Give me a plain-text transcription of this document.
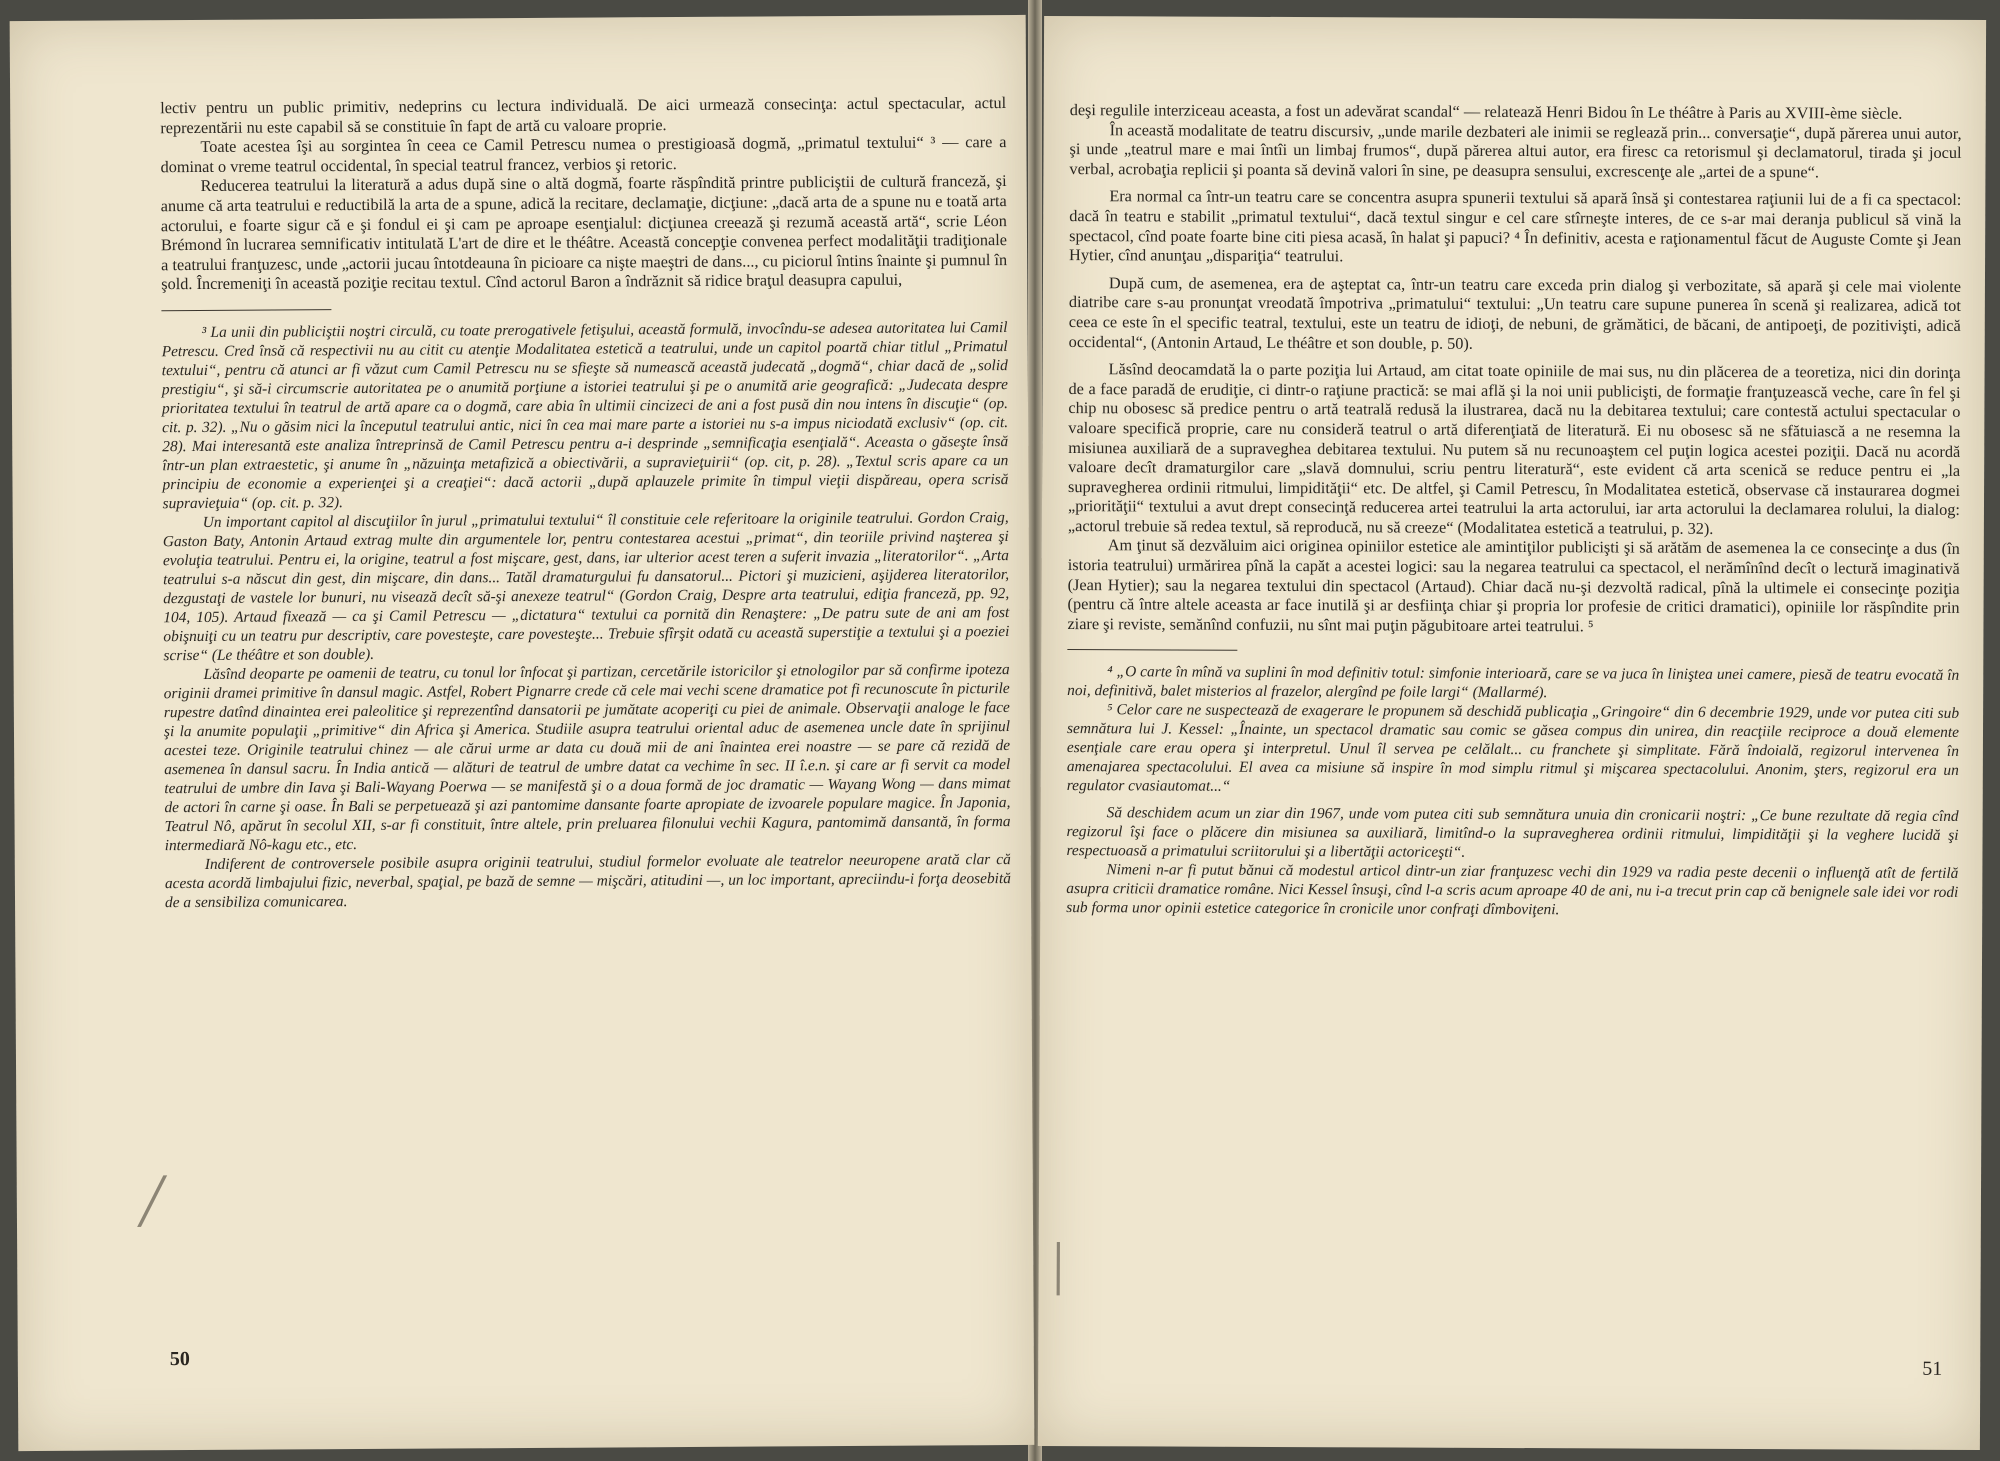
lectiv pentru un public primitiv, nedeprins cu lectura individuală. De aici urmează consecinţa: actul spectacular, actul reprezentării nu este capabil să se constituie în fapt de artă cu valoare proprie.

Toate acestea îşi au sorgintea în ceea ce Camil Petrescu numea o prestigioasă dogmă, „primatul textului“ ³ — care a dominat o vreme teatrul occidental, în special teatrul francez, verbios şi retoric.

Reducerea teatrului la literatură a adus după sine o altă dogmă, foarte răspîndită printre publiciştii de cultură franceză, şi anume că arta teatrului e reductibilă la arta de a spune, adică la recitare, declamaţie, dicţiune: „dacă arta de a spune nu e toată arta actorului, e foarte sigur că e şi fondul ei şi cam pe aproape esenţialul: dicţiunea creează şi rezumă această artă“, scrie Léon Brémond în lucrarea semnificativ intitulată L'art de dire et le théâtre. Această concepţie convenea perfect modalităţii tradiţionale a teatrului franţuzesc, unde „actorii jucau întotdeauna în picioare ca nişte maeştri de dans..., cu piciorul întins înainte şi pumnul în şold. Încremeniţi în această poziţie recitau textul. Cînd actorul Baron a îndrăznit să ridice braţul deasupra capului,

³ La unii din publiciştii noştri circulă, cu toate prerogativele fetişului, această formulă, invocîndu-se adesea autoritatea lui Camil Petrescu. Cred însă că respectivii nu au citit cu atenţie Modalitatea estetică a teatrului, unde un capitol poartă chiar titlul „Primatul textului“, pentru că atunci ar fi văzut cum Camil Petrescu nu se sfieşte să numească această judecată „dogmă“, chiar dacă de „solid prestigiu“, şi să-i circumscrie autoritatea pe o anumită porţiune a istoriei teatrului şi pe o anumită arie geografică: „Judecata despre prioritatea textului în teatrul de artă apare ca o dogmă, care abia în ultimii cincizeci de ani a fost pusă din nou intens în discuţie“ (op. cit. p. 32). „Nu o găsim nici la începutul teatrului antic, nici în cea mai mare parte a istoriei nu s-a impus niciodată exclusiv“ (op. cit. 28). Mai interesantă este analiza întreprinsă de Camil Petrescu pentru a-i desprinde „semnificaţia esenţială“. Aceasta o găseşte însă într-un plan extraestetic, şi anume în „năzuinţa metafizică a obiectivării, a supravieţuirii“ (op. cit, p. 28). „Textul scris apare ca un principiu de economie a experienţei şi a creaţiei“: dacă actorii „după aplauzele primite în timpul vieţii dispăreau, opera scrisă supravieţuia“ (op. cit. p. 32).

Un important capitol al discuţiilor în jurul „primatului textului“ îl constituie cele referitoare la originile teatrului. Gordon Craig, Gaston Baty, Antonin Artaud extrag multe din argumentele lor, pentru contestarea acestui „primat“, din teoriile privind naşterea şi evoluţia teatrului. Pentru ei, la origine, teatrul a fost mişcare, gest, dans, iar ulterior acest teren a suferit invazia „literatorilor“. „Arta teatrului s-a născut din gest, din mişcare, din dans... Tatăl dramaturgului fu dansatorul... Pictori şi muzicieni, aşijderea literatorilor, dezgustaţi de vastele lor bunuri, nu visează decît să-şi anexeze teatrul“ (Gordon Craig, Despre arta teatrului, ediţia franceză, pp. 92, 104, 105). Artaud fixează — ca şi Camil Petrescu — „dictatura“ textului ca pornită din Renaştere: „De patru sute de ani am fost obişnuiţi cu un teatru pur descriptiv, care povesteşte, care povesteşte... Trebuie sfîrşit odată cu această superstiţie a textului şi a poeziei scrise“ (Le théâtre et son double).

Lăsînd deoparte pe oamenii de teatru, cu tonul lor înfocat şi partizan, cercetările istoricilor şi etnologilor par să confirme ipoteza originii dramei primitive în dansul magic. Astfel, Robert Pignarre crede că cele mai vechi scene dramatice pot fi recunoscute în picturile rupestre datînd dinaintea erei paleolitice şi reprezentînd dansatorii pe jumătate acoperiţi cu piei de animale. Observaţii analoge le face şi la anumite populaţii „primitive“ din Africa şi America. Studiile asupra teatrului oriental aduc de asemenea uncle date în sprijinul acestei teze. Originile teatrului chinez — ale cărui urme ar data cu două mii de ani înaintea erei noastre — se pare că rezidă de asemenea în dansul sacru. În India antică — alături de teatrul de umbre datat ca vechime în sec. II î.e.n. şi care ar fi servit ca model teatrului de umbre din Iava şi Bali-Wayang Poerwa — se manifestă şi o a doua formă de joc dramatic — Wayang Wong — dans mimat de actori în carne şi oase. În Bali se perpetuează şi azi pantomime dansante foarte apropiate de izvoarele populare magice. În Japonia, Teatrul Nô, apărut în secolul XII, s-ar fi constituit, între altele, prin preluarea filonului vechii Kagura, pantomimă dansantă, în forma intermediară Nô-kagu etc., etc.

Indiferent de controversele posibile asupra originii teatrului, studiul formelor evoluate ale teatrelor neeuropene arată clar că acesta acordă limbajului fizic, neverbal, spaţial, pe bază de semne — mişcări, atitudini —, un loc important, apreciindu-i forţa deosebită de a sensibiliza comunicarea.

╱
50

deşi regulile interziceau aceasta, a fost un adevărat scandal“ — relatează Henri Bidou în Le théâtre à Paris au XVIII-ème siècle.

În această modalitate de teatru discursiv, „unde marile dezbateri ale inimii se reglează prin... conversaţie“, după părerea unui autor, şi unde „teatrul mare e mai întîi un limbaj frumos“, după părerea altui autor, era firesc ca retorismul şi declamatorul, tirada şi jocul verbal, acrobaţia replicii şi poanta să devină valori în sine, pe deasupra sensului, excrescenţe ale „artei de a spune“.

Era normal ca într-un teatru care se concentra asupra spunerii textului să apară însă şi contestarea raţiunii lui de a fi ca spectacol: dacă în teatru e stabilit „primatul textului“, dacă textul singur e cel care stîrneşte interes, de ce s-ar mai deranja publicul să vină la spectacol, cînd poate foarte bine citi piesa acasă, în halat şi papuci? ⁴ În definitiv, acesta e raţionamentul făcut de Auguste Comte şi Jean Hytier, cînd anunţau „dispariţia“ teatrului.

După cum, de asemenea, era de aşteptat ca, într-un teatru care exceda prin dialog şi verbozitate, să apară şi cele mai violente diatribe care s-au pronunţat vreodată împotriva „primatului“ textului: „Un teatru care supune punerea în scenă şi realizarea, adică tot ceea ce este în el specific teatral, textului, este un teatru de idioţi, de nebuni, de grămătici, de băcani, de antipoeţi, de pozitivişti, adică occidental“, (Antonin Artaud, Le théâtre et son double, p. 50).

Lăsînd deocamdată la o parte poziţia lui Artaud, am citat toate opiniile de mai sus, nu din plăcerea de a teoretiza, nici din dorinţa de a face paradă de erudiţie, ci dintr-o raţiune practică: se mai află şi la noi unii publicişti, de formaţie franţuzească veche, care în fel şi chip nu obosesc să predice pentru o artă teatrală redusă la ilustrarea, dacă nu la debitarea textului; care contestă actului spectacular o valoare specifică proprie, care nu consideră teatrul o artă diferenţiată de literatură. Ei nu obosesc să ne sfătuiască a ne resemna la misiunea auxiliară de a supraveghea debitarea textului. Nu putem să nu recunoaştem cel puţin logica acestei poziţii. Dacă nu acordă valoare decît dramaturgilor care „slavă domnului, scriu pentru literatură“, este evident că arta scenică se reduce pentru ei „la supravegherea ordinii ritmului, limpidităţii“ etc. De altfel, şi Camil Petrescu, în Modalitatea estetică, observase că instaurarea dogmei „priorităţii“ textului a avut drept consecinţă reducerea artei teatrului la arta actorului, iar arta actorului la declamarea rolului, la dialog: „actorul trebuie să redea textul, să reproducă, nu să creeze“ (Modalitatea estetică a teatrului, p. 32).

Am ţinut să dezvăluim aici originea opiniilor estetice ale amintiţilor publicişti şi să arătăm de asemenea la ce consecinţe a dus (în istoria teatrului) urmărirea pînă la capăt a acestei logici: sau la negarea teatrului ca spectacol, el nerămînînd decît o lectură imaginativă (Jean Hytier); sau la negarea textului din spectacol (Artaud). Chiar dacă nu-şi dezvoltă radical, pînă la ultimele ei consecinţe poziţia (pentru că între altele aceasta ar face inutilă şi ar desfiinţa chiar şi propria lor profesie de critici dramatici), opiniile lor răspîndite prin ziare şi reviste, semănînd confuzii, nu sînt mai puţin păgubitoare artei teatrului. ⁵

⁴ „O carte în mînă va suplini în mod definitiv totul: simfonie interioară, care se va juca în liniştea unei camere, piesă de teatru evocată în noi, definitivă, balet misterios al frazelor, alergînd pe foile largi“ (Mallarmé).

⁵ Celor care ne suspectează de exagerare le propunem să deschidă publicaţia „Gringoire“ din 6 decembrie 1929, unde vor putea citi sub semnătura lui J. Kessel: „Înainte, un spectacol dramatic sau comic se găsea compus din unirea, din reacţiile reciproce a două elemente esenţiale care erau opera şi interpretul. Unul îl servea pe celălalt... cu franchete şi simplitate. Fără îndoială, regizorul intervenea în amenajarea spectacolului. El avea ca misiune să inspire în mod simplu ritmul şi mişcarea spectacolului. Anonim, şters, regizorul era un regulator cvasiautomat...“

Să deschidem acum un ziar din 1967, unde vom putea citi sub semnătura unuia din cronicarii noştri: „Ce bune rezultate dă regia cînd regizorul îşi face o plăcere din misiunea sa auxiliară, limitînd-o la supravegherea ordinii ritmului, limpidităţii şi la veghere lucidă şi respectuoasă a primatului scriitorului şi a libertăţii actoriceşti“.

Nimeni n-ar fi putut bănui că modestul articol dintr-un ziar franţuzesc vechi din 1929 va radia peste decenii o influenţă atît de fertilă asupra criticii dramatice române. Nici Kessel însuşi, cînd l-a scris acum aproape 40 de ani, nu i-a trecut prin cap că benignele sale idei vor rodi sub forma unor opinii estetice categorice în cronicile unor confraţi dîmboviţeni.

│
51
